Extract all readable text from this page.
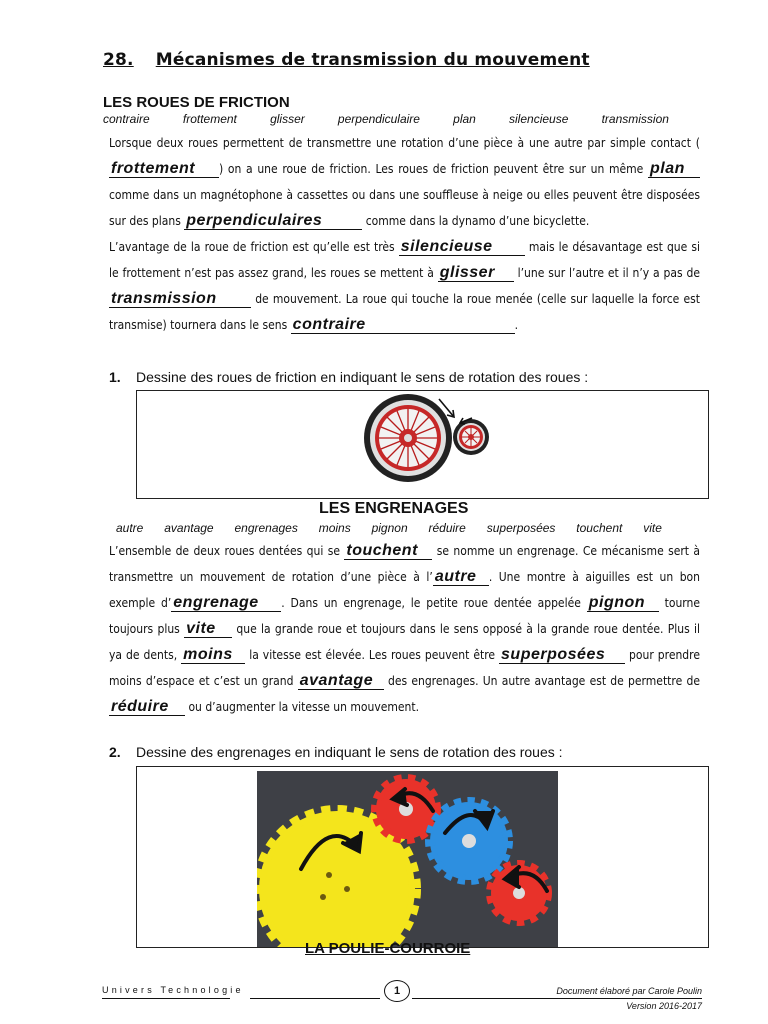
28. Mécanismes de transmission du mouvement
LES ROUES DE FRICTION
contraire	frottement	glisser	perpendiculaire	plan	silencieuse	transmission

Lorsque deux roues permettent de transmettre une rotation d’une pièce à une autre par simple contact ( frottement ) on a une roue de friction. Les roues de friction peuvent être sur un même plan comme dans un magnétophone à cassettes ou dans une souffleuse à neige ou elles peuvent être disposées sur des plans perpendiculaires	comme dans la dynamo d’une bicyclette.

L’avantage de la roue de friction est qu’elle est très silencieuse	mais le désavantage est que si le frottement n’est pas assez grand, les roues se mettent à glisser l’une sur l’autre et il n’y a pas de transmission	de mouvement. La roue qui touche la roue menée (celle sur laquelle la force est transmise) tournera dans le sens contraire	.

1. Dessine des roues de friction en indiquant le sens de rotation des roues :
LES ENGRENAGES
autre avantage engrenages moins pignon réduire superposées touchent vite

L’ensemble de deux roues dentées qui se touchent se nomme un engrenage. Ce mécanisme sert à transmettre un mouvement de rotation d’une pièce à l’ autre . Une montre à aiguilles est un bon exemple d’ engrenage . Dans un engrenage, le petite roue dentée appelée pignon tourne toujours plus vite que la grande roue et toujours dans le sens opposé à la grande roue dentée. Plus il ya de dents, moins la vitesse est élevée. Les roues peuvent être superposées pour prendre moins d’espace et c’est un grand avantage des engrenages. Un autre avantage est de permettre de réduire ou d’augmenter la vitesse un mouvement.

2. Dessine des engrenages en indiquant le sens de rotation des roues :
LA POULIE-COURROIE
Univers Technologie	1	Document élaboré par Carole Poulin
Version 2016-2017
